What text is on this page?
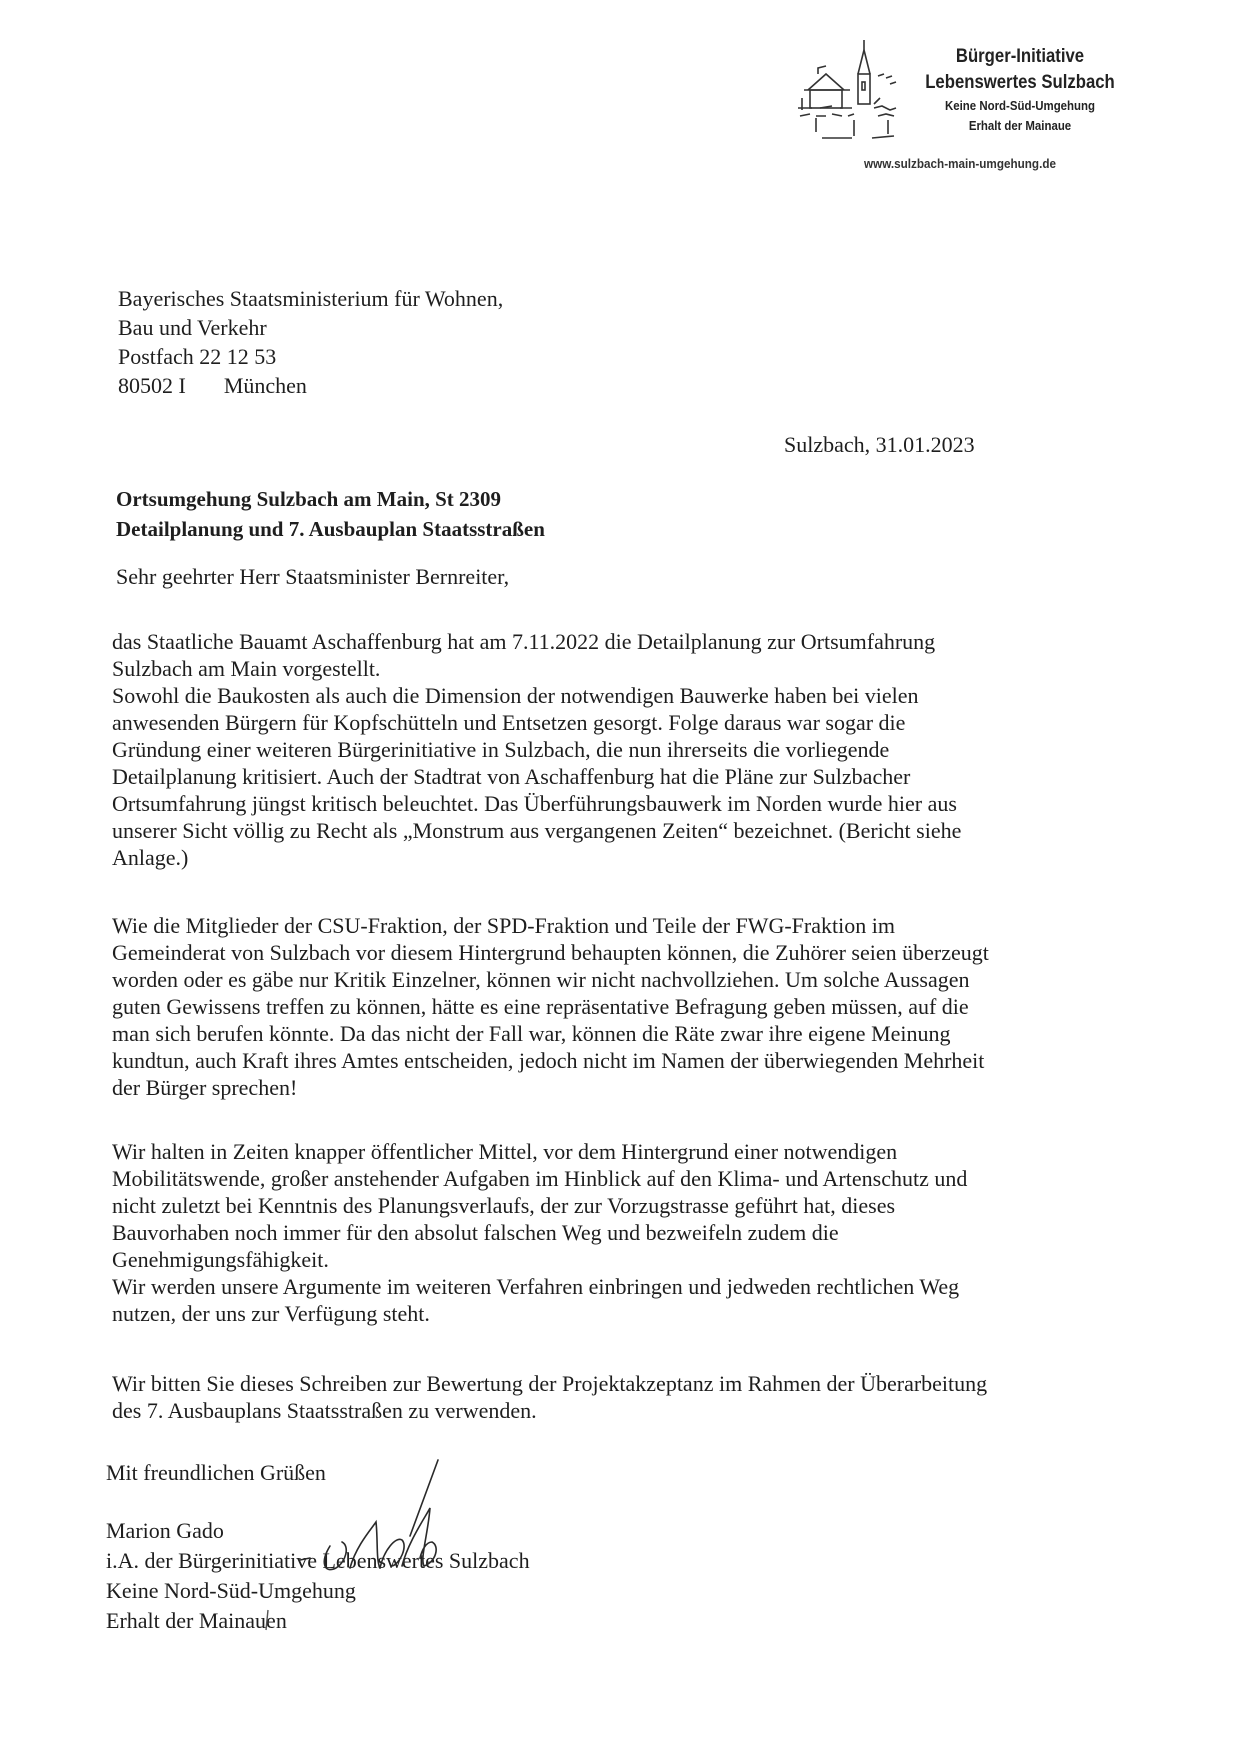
Bürger-Initiative
Lebenswertes Sulzbach
Keine Nord-Süd-Umgehung
Erhalt der Mainaue
www.sulzbach-main-umgehung.de
Bayerisches Staatsministerium für Wohnen,
Bau und Verkehr
Postfach 22 12 53
80502 I München
Sulzbach, 31.01.2023
Ortsumgehung Sulzbach am Main, St 2309
Detailplanung und 7. Ausbauplan Staatsstraßen
Sehr geehrter Herr Staatsminister Bernreiter,
das Staatliche Bauamt Aschaffenburg hat am 7.11.2022 die Detailplanung zur Ortsumfahrung
Sulzbach am Main vorgestellt.
Sowohl die Baukosten als auch die Dimension der notwendigen Bauwerke haben bei vielen
anwesenden Bürgern für Kopfschütteln und Entsetzen gesorgt. Folge daraus war sogar die
Gründung einer weiteren Bürgerinitiative in Sulzbach, die nun ihrerseits die vorliegende
Detailplanung kritisiert. Auch der Stadtrat von Aschaffenburg hat die Pläne zur Sulzbacher
Ortsumfahrung jüngst kritisch beleuchtet. Das Überführungsbauwerk im Norden wurde hier aus
unserer Sicht völlig zu Recht als „Monstrum aus vergangenen Zeiten“ bezeichnet. (Bericht siehe
Anlage.)
Wie die Mitglieder der CSU-Fraktion, der SPD-Fraktion und Teile der FWG-Fraktion im
Gemeinderat von Sulzbach vor diesem Hintergrund behaupten können, die Zuhörer seien überzeugt
worden oder es gäbe nur Kritik Einzelner, können wir nicht nachvollziehen. Um solche Aussagen
guten Gewissens treffen zu können, hätte es eine repräsentative Befragung geben müssen, auf die
man sich berufen könnte. Da das nicht der Fall war, können die Räte zwar ihre eigene Meinung
kundtun, auch Kraft ihres Amtes entscheiden, jedoch nicht im Namen der überwiegenden Mehrheit
der Bürger sprechen!
Wir halten in Zeiten knapper öffentlicher Mittel, vor dem Hintergrund einer notwendigen
Mobilitätswende, großer anstehender Aufgaben im Hinblick auf den Klima- und Artenschutz und
nicht zuletzt bei Kenntnis des Planungsverlaufs, der zur Vorzugstrasse geführt hat, dieses
Bauvorhaben noch immer für den absolut falschen Weg und bezweifeln zudem die
Genehmigungsfähigkeit.
Wir werden unsere Argumente im weiteren Verfahren einbringen und jedweden rechtlichen Weg
nutzen, der uns zur Verfügung steht.
Wir bitten Sie dieses Schreiben zur Bewertung der Projektakzeptanz im Rahmen der Überarbeitung
des 7. Ausbauplans Staatsstraßen zu verwenden.
Mit freundlichen Grüßen
Marion Gado
i.A. der Bürgerinitiative Lebenswertes Sulzbach
Keine Nord-Süd-Umgehung
Erhalt der Mainauen
